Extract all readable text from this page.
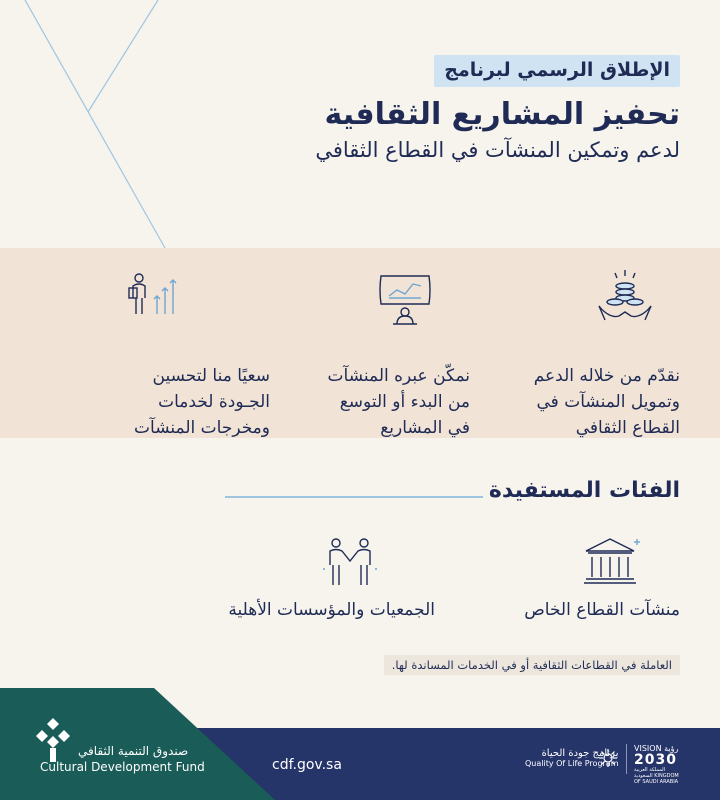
الإطلاق الرسمي لبرنامج
تحفيز المشاريع الثقافية
لدعم وتمكين المنشآت في القطاع الثقافي
نقدّم من خلاله الدعم
وتمويل المنشآت في
القطاع الثقافي
نمكّن عبره المنشآت
من البدء أو التوسع
في المشاريع
سعيًا منا لتحسين
الجـودة لخدمات
ومخرجات المنشآت
الفئات المستفيدة
منشآت القطاع الخاص
الجمعيات والمؤسسات الأهلية
العاملة في القطاعات الثقافية أو في الخدمات المساندة لها.
صندوق التنمية الثقافي
Cultural Development Fund	cdf.gov.sa
برنامج جودة الحياة
Quality Of Life Program
VISION رؤية
2030
المملكة العربية السعودية KINGDOM OF SAUDI ARABIA
